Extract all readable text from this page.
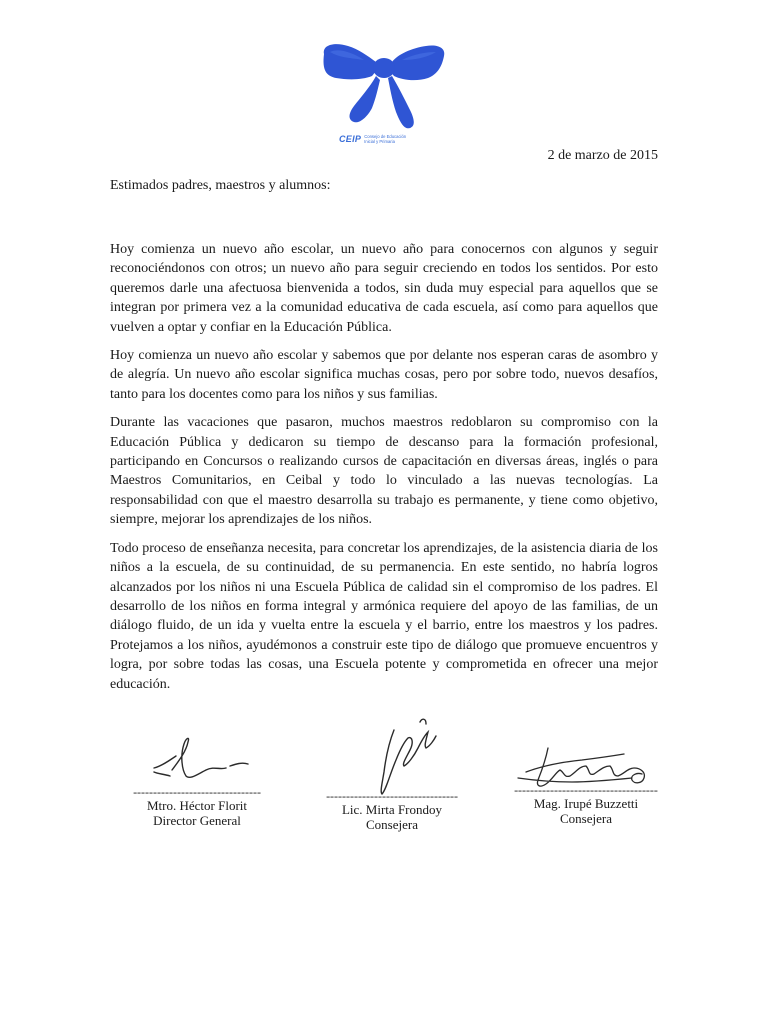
CEIP Consejo de Educación Inicial y Primaria
2 de marzo de 2015
Estimados padres, maestros y alumnos:

Hoy comienza un nuevo año escolar, un nuevo año para conocernos con algunos y seguir reconociéndonos con otros; un nuevo año para seguir creciendo en todos los sentidos. Por esto queremos darle una afectuosa bienvenida a todos, sin duda muy especial para aquellos que se integran por primera vez a la comunidad educativa de cada escuela, así como para aquellos que vuelven a optar y confiar en la Educación Pública.

Hoy comienza un nuevo año escolar y sabemos que por delante nos esperan caras de asombro y de alegría. Un nuevo año escolar significa muchas cosas, pero por sobre todo, nuevos desafíos, tanto para los docentes como para los niños y sus familias.

Durante las vacaciones que pasaron, muchos maestros redoblaron su compromiso con la Educación Pública y dedicaron su tiempo de descanso para la formación profesional, participando en Concursos o realizando cursos de capacitación en diversas áreas, inglés o para Maestros Comunitarios, en Ceibal y todo lo vinculado a las nuevas tecnologías. La responsabilidad con que el maestro desarrolla su trabajo es permanente, y tiene como objetivo, siempre, mejorar los aprendizajes de los niños.

Todo proceso de enseñanza necesita, para concretar los aprendizajes, de la asistencia diaria de los niños a la escuela, de su continuidad, de su permanencia. En este sentido, no habría logros alcanzados por los niños ni una Escuela Pública de calidad sin el compromiso de los padres. El desarrollo de los niños en forma integral y armónica requiere del apoyo de las familias, de un diálogo fluido, de un ida y vuelta entre la escuela y el barrio, entre los maestros y los padres. Protejamos a los niños, ayudémonos a construir este tipo de diálogo que promueve encuentros y logra, por sobre todas las cosas, una Escuela potente y comprometida en ofrecer una mejor educación.

--------------------------------
Mtro. Héctor Florit
Director General
---------------------------------
Lic. Mirta Frondoy
Consejera
------------------------------------
Mag. Irupé Buzzetti
Consejera
